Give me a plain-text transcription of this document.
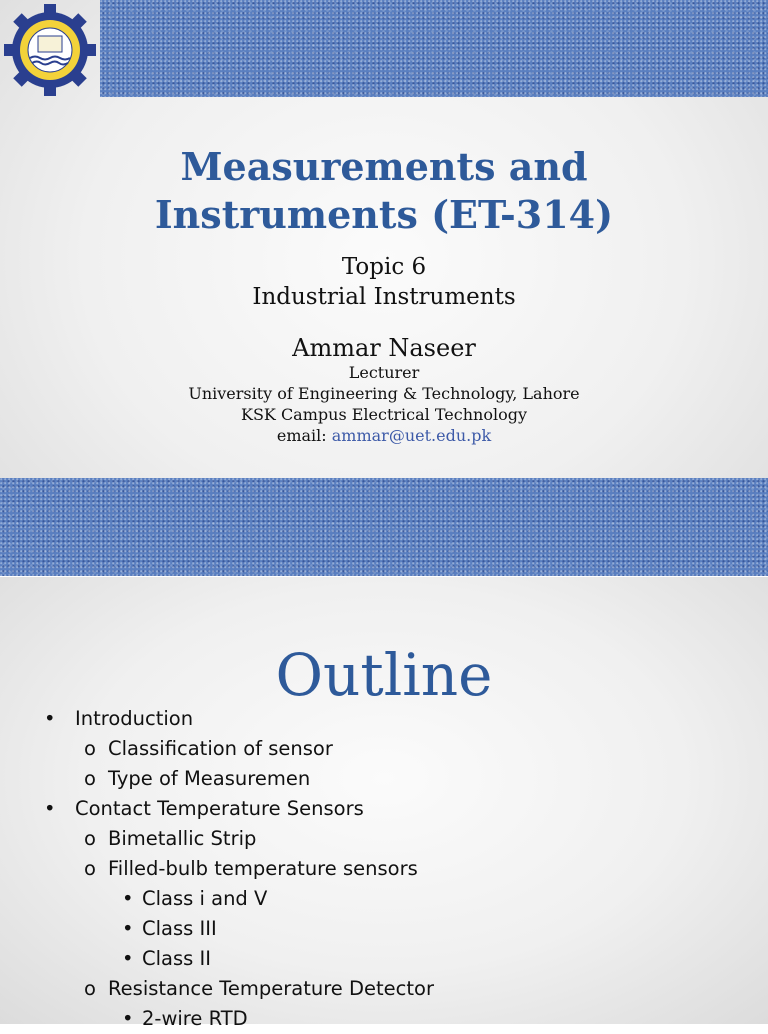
Measurements and
Instruments (ET-314)
Topic 6
Industrial Instruments
Ammar Naseer
Lecturer
University of Engineering & Technology, Lahore
KSK Campus Electrical Technology
email: ammar@uet.edu.pk
Outline
• Introduction
o Classification of sensor
o Type of Measuremen
• Contact Temperature Sensors
o Bimetallic Strip
o Filled-bulb temperature sensors
• Class i and V
• Class III
• Class II
o Resistance Temperature Detector
• 2-wire RTD
